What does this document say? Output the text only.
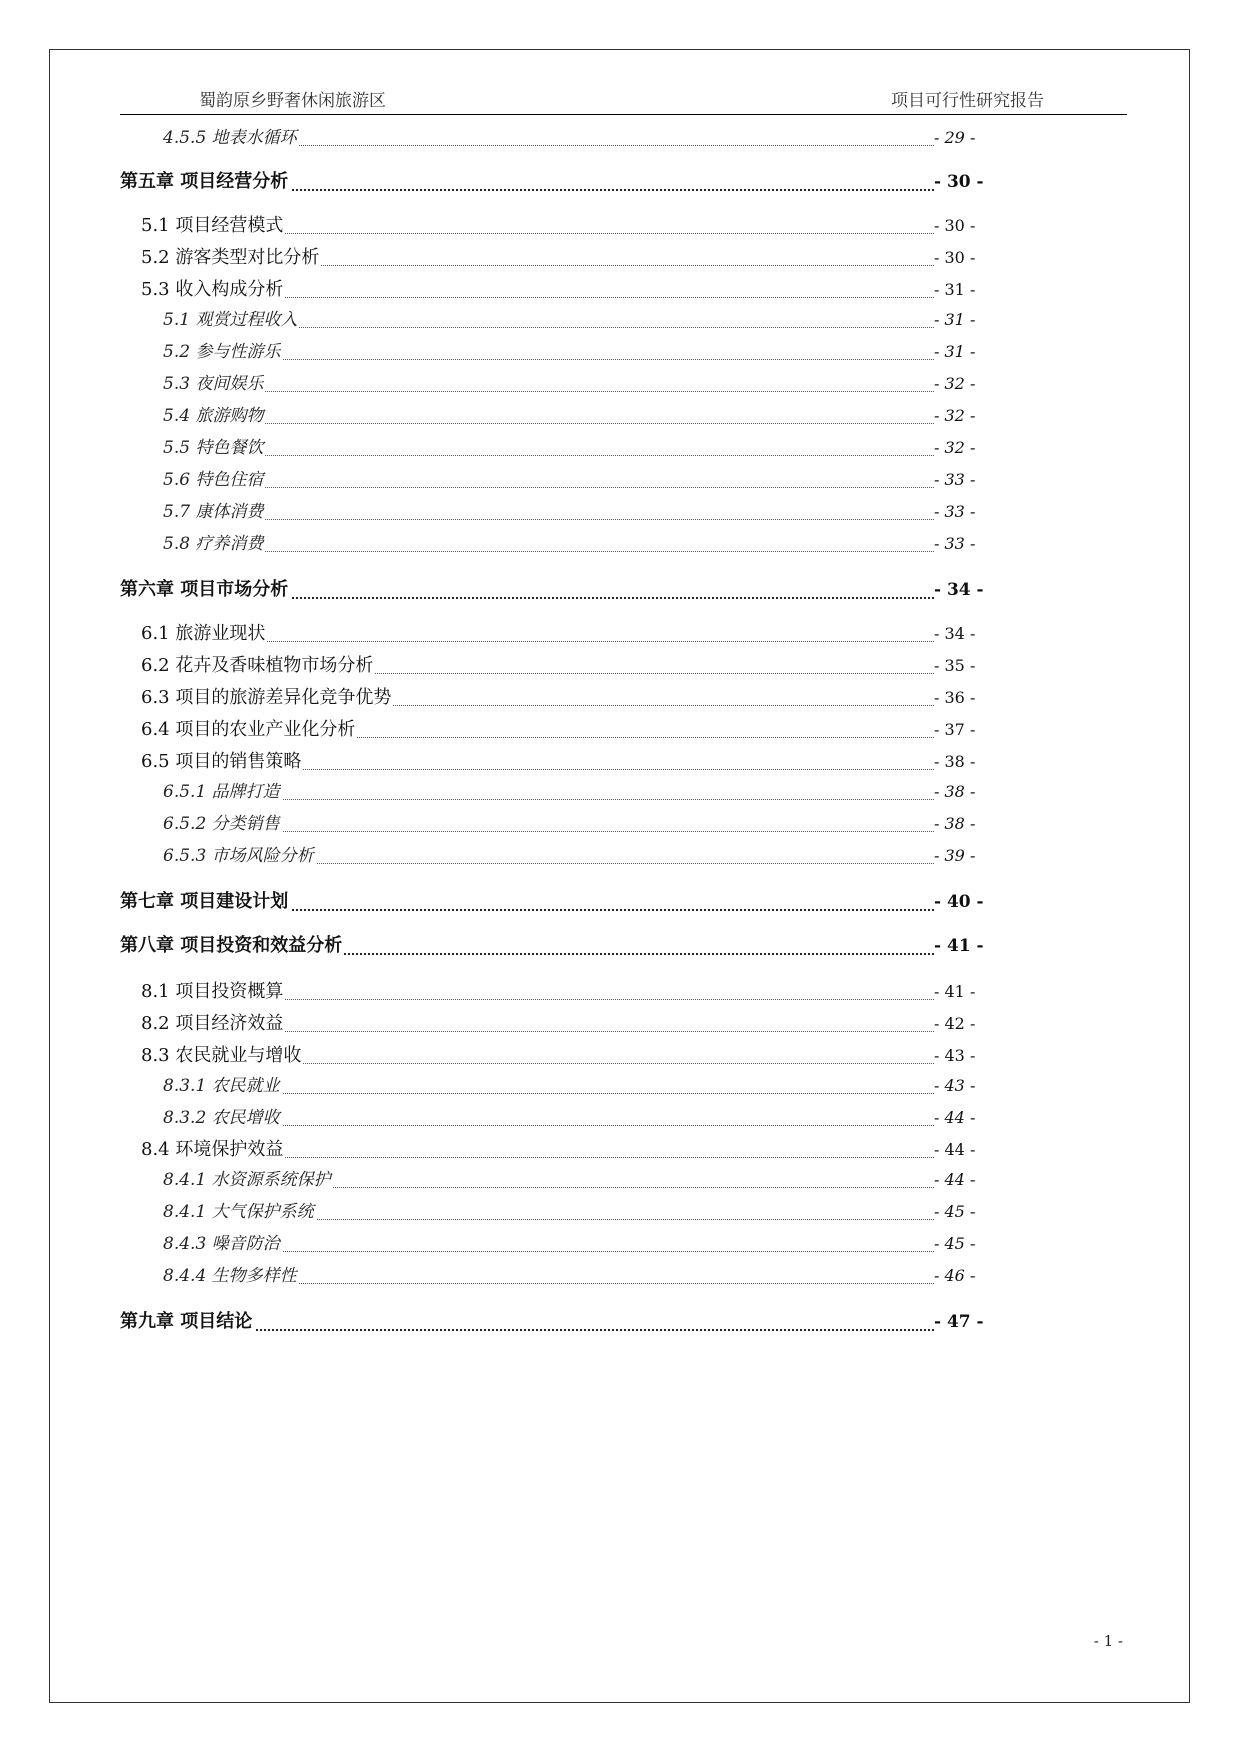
蜀韵原乡野奢休闲旅游区	项目可行性研究报告
4.5.5 地表水循环	- 29 -
第五章 项目经营分析	- 30 -
5.1 项目经营模式	- 30 -
5.2 游客类型对比分析	- 30 -
5.3 收入构成分析	- 31 -
5.1 观赏过程收入	- 31 -
5.2 参与性游乐	- 31 -
5.3 夜间娱乐	- 32 -
5.4 旅游购物	- 32 -
5.5 特色餐饮	- 32 -
5.6 特色住宿	- 33 -
5.7 康体消费	- 33 -
5.8 疗养消费	- 33 -
第六章 项目市场分析	- 34 -
6.1 旅游业现状	- 34 -
6.2 花卉及香味植物市场分析	- 35 -
6.3 项目的旅游差异化竞争优势	- 36 -
6.4 项目的农业产业化分析	- 37 -
6.5 项目的销售策略	- 38 -
6.5.1 品牌打造	- 38 -
6.5.2 分类销售	- 38 -
6.5.3 市场风险分析	- 39 -
第七章 项目建设计划	- 40 -
第八章 项目投资和效益分析	- 41 -
8.1 项目投资概算	- 41 -
8.2 项目经济效益	- 42 -
8.3 农民就业与增收	- 43 -
8.3.1 农民就业	- 43 -
8.3.2 农民增收	- 44 -
8.4 环境保护效益	- 44 -
8.4.1 水资源系统保护	- 44 -
8.4.1 大气保护系统	- 45 -
8.4.3 噪音防治	- 45 -
8.4.4 生物多样性	- 46 -
第九章 项目结论	- 47 -
- 1 -
